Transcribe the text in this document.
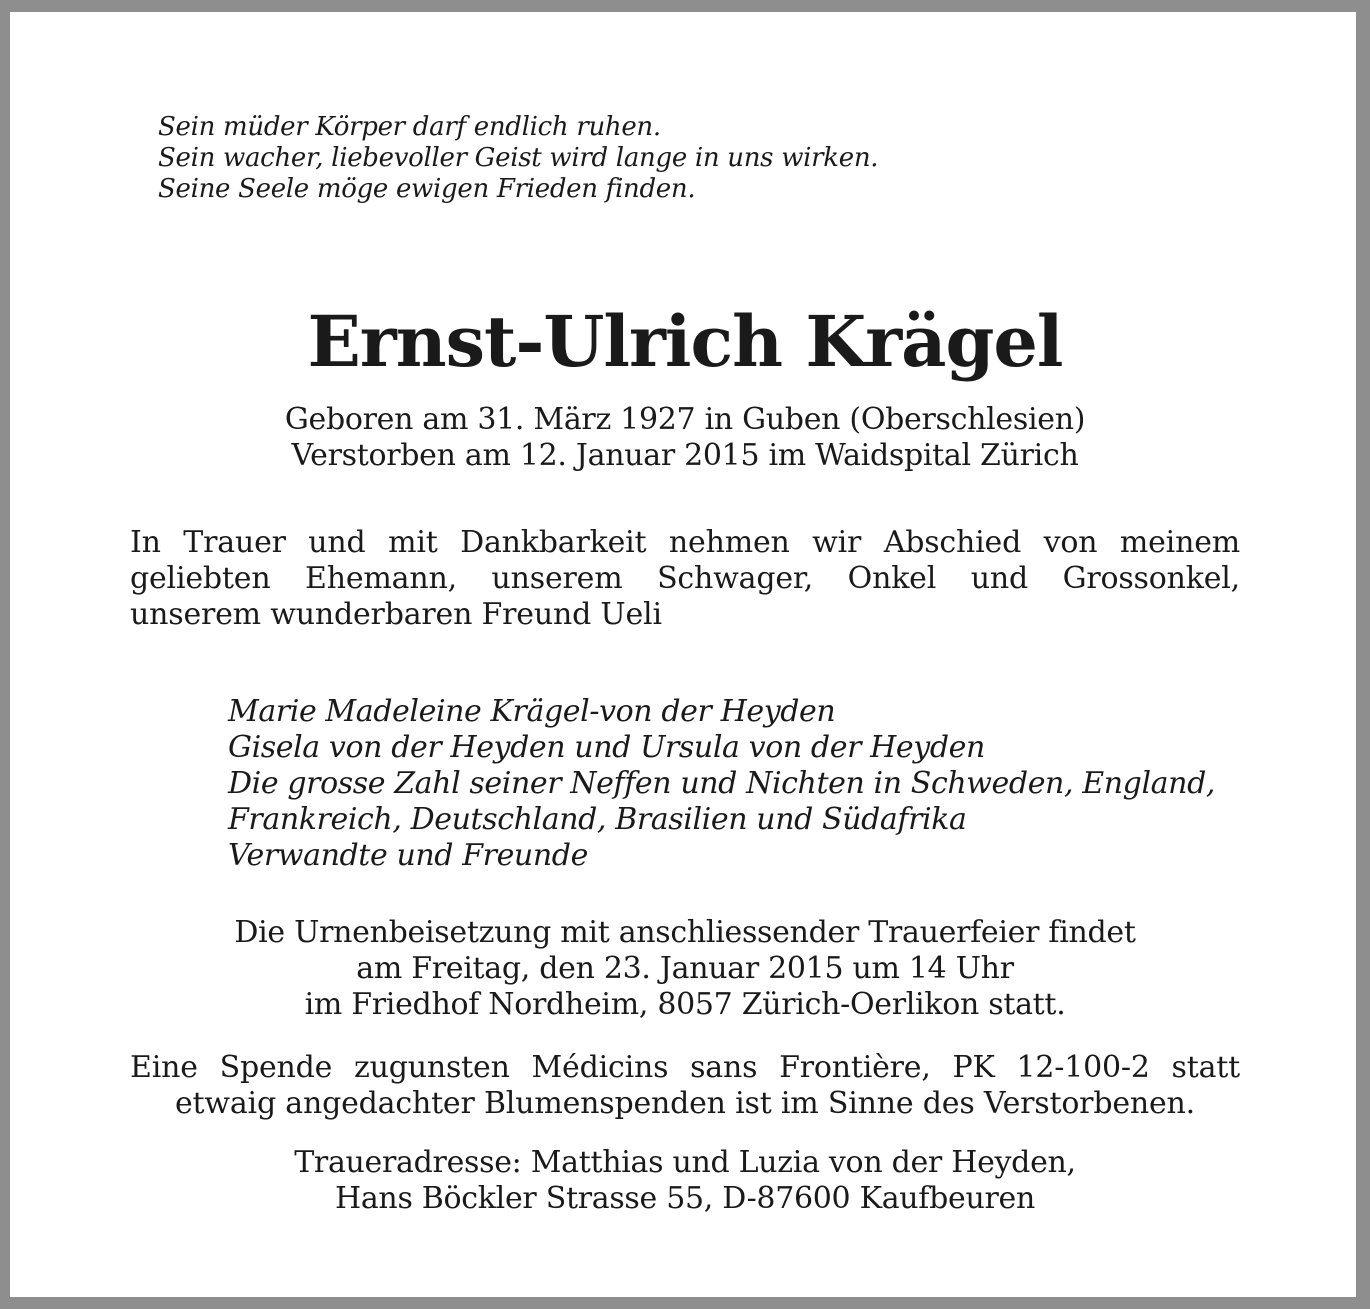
Sein müder Körper darf endlich ruhen.
Sein wacher, liebevoller Geist wird lange in uns wirken.
Seine Seele möge ewigen Frieden finden.
Ernst-Ulrich Krägel
Geboren am 31. März 1927 in Guben (Oberschlesien)
Verstorben am 12. Januar 2015 im Waidspital Zürich
In Trauer und mit Dankbarkeit nehmen wir Abschied von meinem
geliebten Ehemann, unserem Schwager, Onkel und Grossonkel,
unserem wunderbaren Freund Ueli
Marie Madeleine Krägel-von der Heyden
Gisela von der Heyden und Ursula von der Heyden
Die grosse Zahl seiner Neffen und Nichten in Schweden, England,
Frankreich, Deutschland, Brasilien und Südafrika
Verwandte und Freunde
Die Urnenbeisetzung mit anschliessender Trauerfeier findet
am Freitag, den 23. Januar 2015 um 14 Uhr
im Friedhof Nordheim, 8057 Zürich-Oerlikon statt.
Eine Spende zugunsten Médicins sans Frontière, PK 12-100-2 statt
etwaig angedachter Blumenspenden ist im Sinne des Verstorbenen.
Traueradresse: Matthias und Luzia von der Heyden,
Hans Böckler Strasse 55, D-87600 Kaufbeuren
